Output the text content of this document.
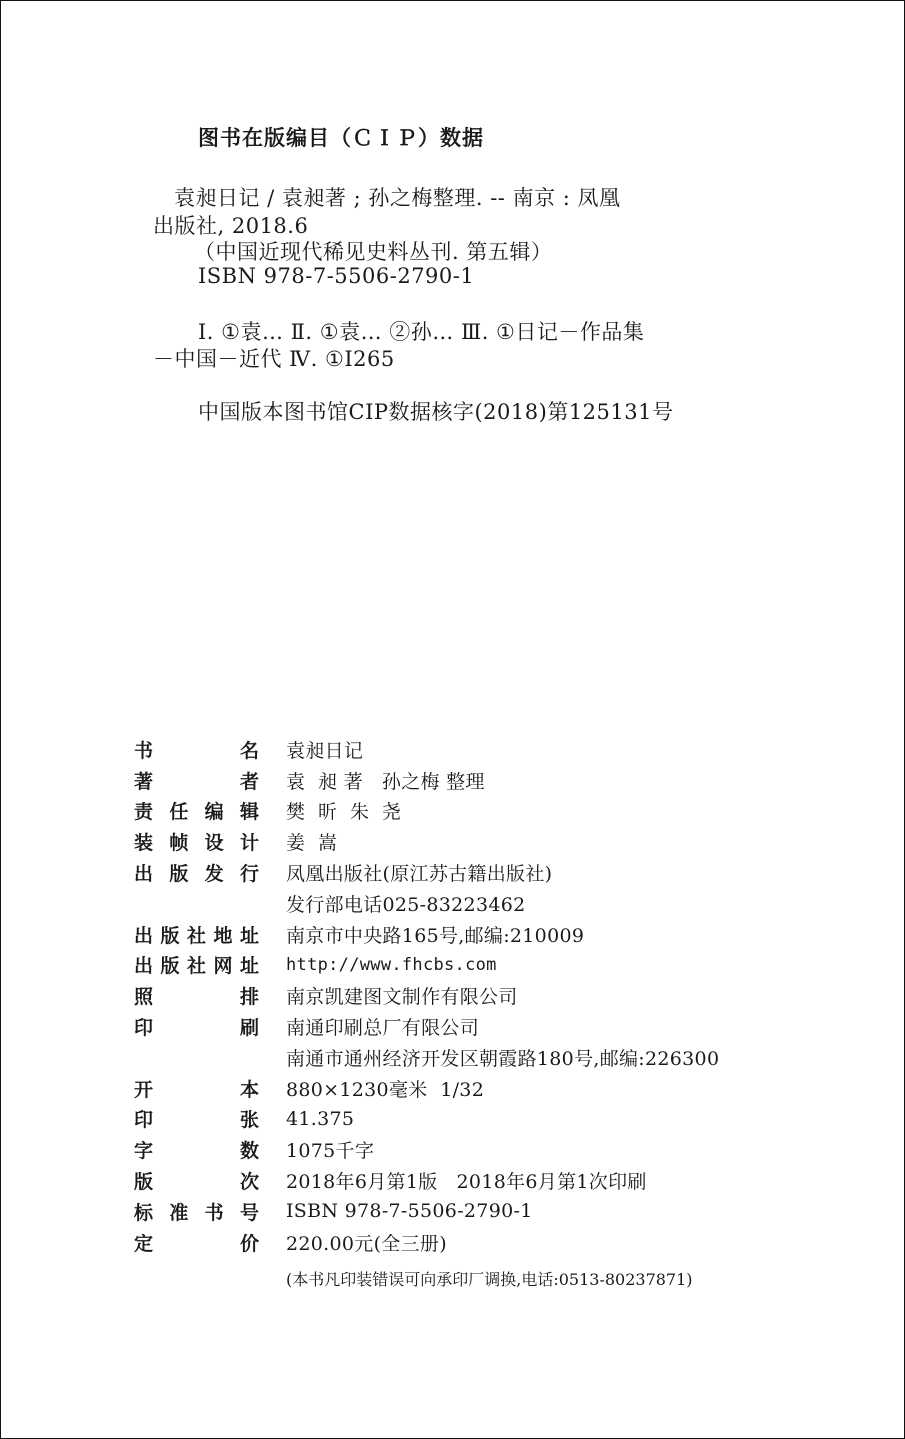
图书在版编目（ＣＩＰ）数据
袁昶日记 / 袁昶著 ; 孙之梅整理. -- 南京 : 凤凰
出版社, 2018.6
（中国近现代稀见史料丛刊. 第五辑）
ISBN 978-7-5506-2790-1
Ⅰ. ①袁… Ⅱ. ①袁… ②孙… Ⅲ. ①日记－作品集
－中国－近代 Ⅳ. ①I265
中国版本图书馆CIP数据核字(2018)第125131号
书	名 袁昶日记
著	者 袁  昶 著   孙之梅 整理
责 任 编 辑 樊  昕  朱  尧
装 帧 设 计 姜  嵩
出 版 发 行 凤凰出版社(原江苏古籍出版社)
发行部电话025-83223462
出 版 社 地 址 南京市中央路165号,邮编:210009
出 版 社 网 址 http://www.fhcbs.com
照	排 南京凯建图文制作有限公司
印	刷 南通印刷总厂有限公司
南通市通州经济开发区朝霞路180号,邮编:226300
开	本 880×1230毫米  1/32
印	张 41.375
字	数 1075千字
版	次 2018年6月第1版   2018年6月第1次印刷
标 准 书 号 ISBN 978-7-5506-2790-1
定	价 220.00元(全三册)
(本书凡印装错误可向承印厂调换,电话:0513-80237871)
